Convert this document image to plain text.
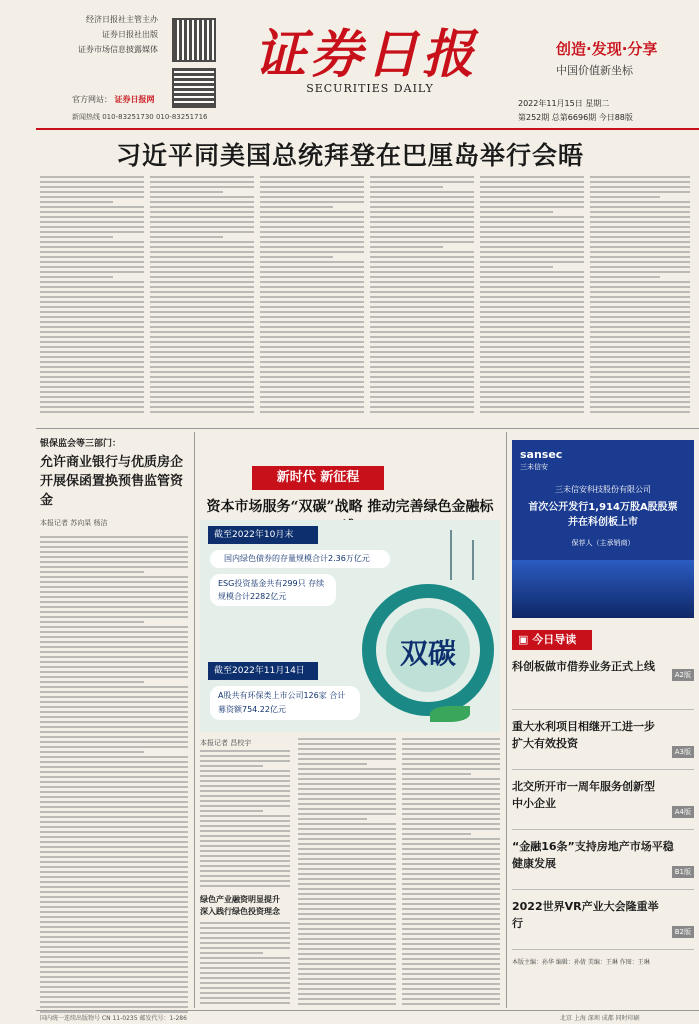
经济日报社主管主办
证券日报社出版
证券市场信息披露媒体
官方网站： 证券日报网
证券日报
SECURITIES DAILY
创造·发现·分享
中国价值新坐标
2022年11月15日 星期二
第252期 总第6696期 今日88版
新闻热线 010-83251730 010-83251716
习近平同美国总统拜登在巴厘岛举行会晤
银保监会等三部门：
允许商业银行与优质房企开展保函置换预售监管资金
本报记者 苏向杲 杨洁
新时代 新征程
资本市场服务“双碳”战略 推动完善绿色金融标
截至2022年10月末
国内绿色债券的存量规模合计2.36万亿元
ESG投资基金共有299只 存续规模合计2282亿元
截至2022年11月14日
A股共有环保类上市公司126家 合计募资额754.22亿元
双碳
本报记者 昌校宇
绿色产业融资明显提升 深入践行绿色投资理念
sansec
三未信安
三未信安科技股份有限公司
首次公开发行1,914万股A股股票并在科创板上市
保荐人（主承销商）
▣ 今日导读
科创板做市借券业务正式上线
A2版
重大水利项目相继开工进一步扩大有效投资
A3版
北交所开市一周年服务创新型中小企业
A4版
“金融16条”支持房地产市场平稳健康发展
B1版
2022世界VR产业大会隆重举行
B2版
本版主编：孙华 编辑：孙倩 美编：王琳 作图：王琳
国内统一连续出版物号 CN 11-0235 邮发代号：1-286	北京 上海 深圳 成都 同时印刷
